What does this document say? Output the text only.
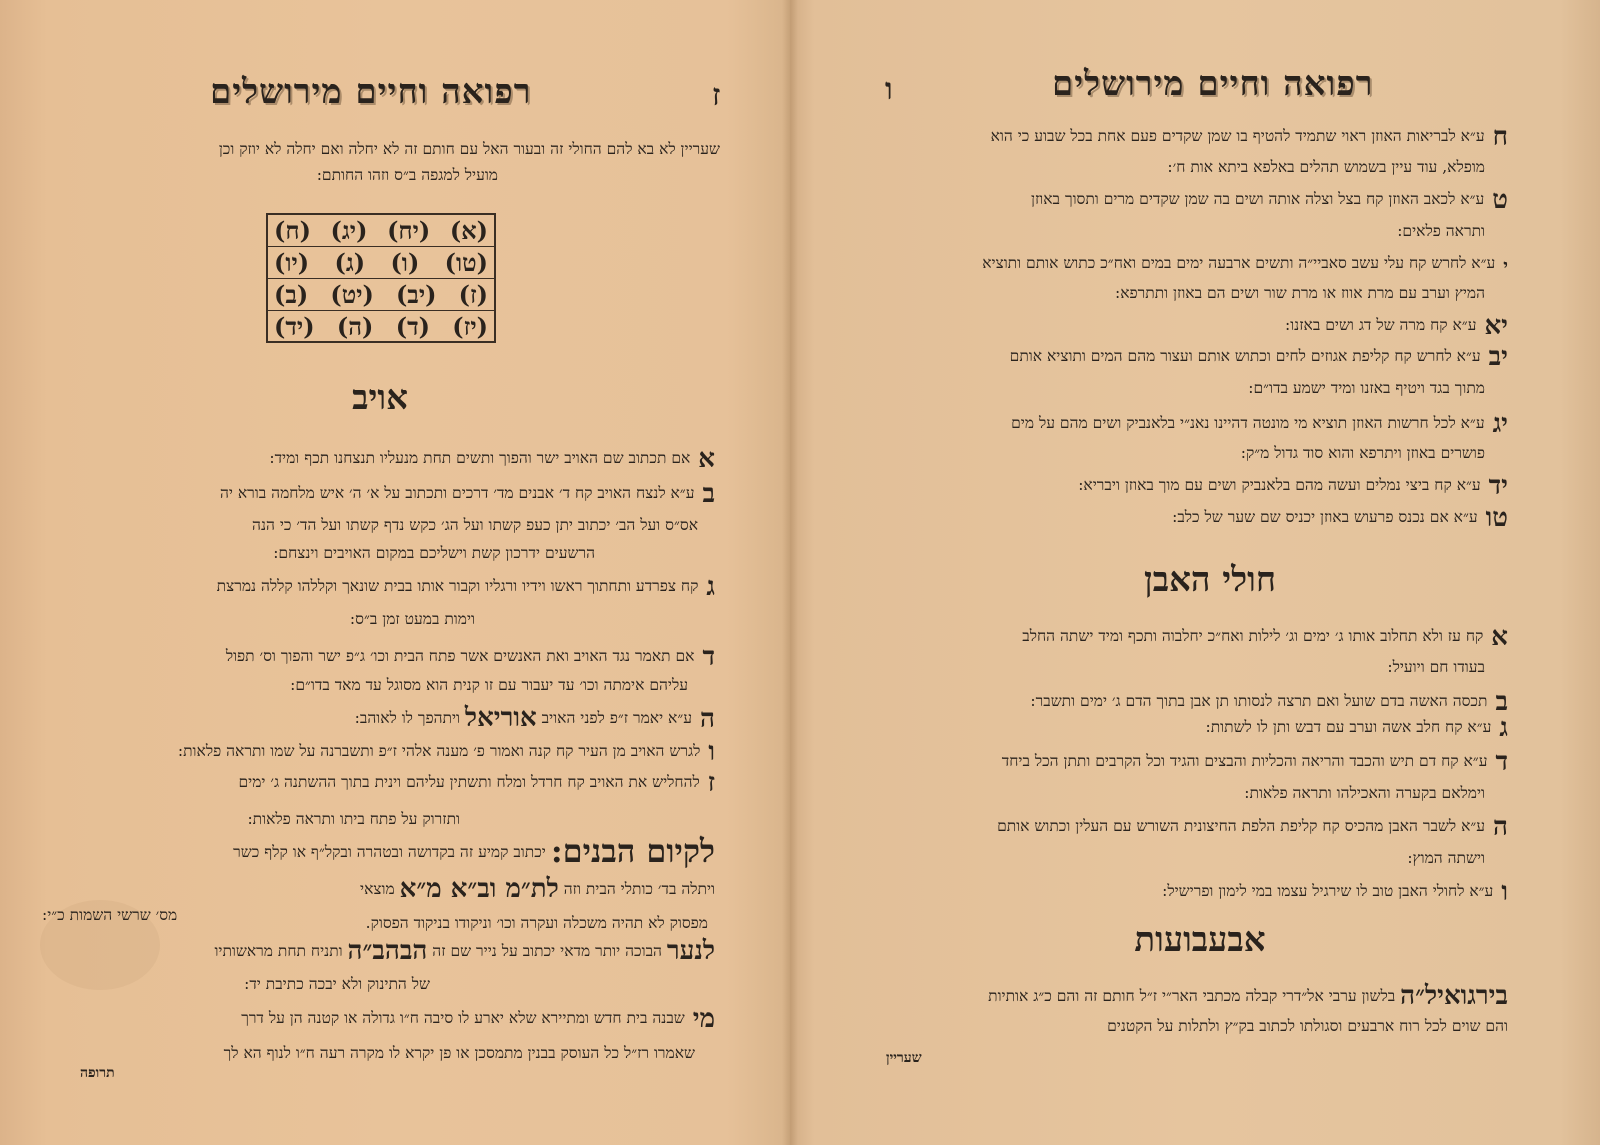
ז
רפואה וחיים מירושלים
שעריין לא בא להם החולי זה ובעור האל עם חותם זה לא יחלה ואם יחלה לא יוזק וכן
מועיל למגפה ב״ס וזהו החותם:
(א)
(יח)
(יג)
(ח)
(טו)
(ו)
(ג)
(יו)
(ז)
(יב)
(יט)
(ב)
(יז)
(ד)
(ה)
(יד)
אויב
אאם תכתוב שם האויב ישר והפוך ותשים תחת מנעליו תנצחנו תכף ומיד:
בע״א לנצח האויב קח ד׳ אבנים מד׳ דרכים ותכתוב על א׳ ה׳ איש מלחמה בורא יה
אס״ס ועל הב׳ יכתוב יתן כעפ קשתו ועל הג׳ כקש נדף קשתו ועל הד׳ כי הנה
הרשעים ידרכון קשת וישליכם במקום האויבים וינצחם:
גקח צפרדע ותחתוך ראשו וידיו ורגליו וקבור אותו בבית שונאך וקללהו קללה נמרצת
וימות במעט זמן ב״ס:
דאם תאמר נגד האויב ואת האנשים אשר פתח הבית וכו׳ ג״פ ישר והפוך וס׳ תפול
עליהם אימתה וכו׳ עד יעבור עם זו קנית הוא מסוגל עד מאד בדו״ם:
הע״א יאמר ז״פ לפני האויב אוריאל ויתהפך לו לאוהב:
ולגרש האויב מן העיר קח קנה ואמור פ׳ מענה אלהי ז״פ ותשברנה על שמו ותראה פלאות:
זלהחליש את האויב קח חרדל ומלח ותשתין עליהם וינית בתוך ההשתנה ג׳ ימים
ותזרוק על פתח ביתו ותראה פלאות:
לקיום הבנים: יכתוב קמיע זה בקדושה ובטהרה ובקל״ף או קלף כשר
ויתלה בד׳ כותלי הבית וזה לת״מ וב״א מ״א מוצאי
מפסוק לא תהיה משכלה ועקרה וכו׳ וניקודו בניקוד הפסוק.
מס׳ שרשי השמות כ״י:
לנער הבוכה יותר מדאי יכתוב על נייר שם זה הבהב״ה ותניח תחת מראשותיו
של התינוק ולא יבכה כתיבת יד:
מישבנה בית חדש ומתיירא שלא יארע לו סיבה ח״ו גדולה או קטנה הן על דרך
שאמרו רז״ל כל העוסק בבנין מתמסכן או פן יקרא לו מקרה רעה ח״ו לנוף הא לך
תרופה
ו	רפואה וחיים מירושלים
חע״א לבריאות האוזן ראוי שתמיד להטיף בו שמן שקדים פעם אחת בכל שבוע כי הוא
מופלא, עוד עיין בשמוש תהלים באלפא ביתא אות ח׳:
טע״א לכאב האוזן קח בצל וצלה אותה ושים בה שמן שקדים מרים ותסוך באוזן
ותראה פלאים:
יע״א לחרש קח עלי עשב סאביי״ה ותשים ארבעה ימים במים ואח״כ כתוש אותם ותוציא
המיץ וערב עם מרת אווז או מרת שור ושים הם באוזן ותתרפא:
יאע״א קח מרה של דג ושים באזנו:
יבע״א לחרש קח קליפת אגוזים לחים וכתוש אותם ועצור מהם המים ותוציא אותם
מתוך בגד ויטיף באזנו ומיד ישמע בדו״ם:
יגע״א לכל חרשות האוזן תוציא מי מונטה דהיינו נאנ״י בלאנביק ושים מהם על מים
פושרים באוזן ויתרפא והוא סוד גדול מ״ק:
ידע״א קח ביצי נמלים ועשה מהם בלאנביק ושים עם מוך באוזן ויבריא:
טוע״א אם נכנס פרעוש באוזן יכניס שם שער של כלב:
חולי האבן
אקח עז ולא תחלוב אותו ג׳ ימים וג׳ לילות ואח״כ יחלבוה ותכף ומיד ישתה החלב
בעודו חם ויועיל:
בתכסה האשה בדם שועל ואם תרצה לנסותו תן אבן בתוך הדם ג׳ ימים ותשבר:
גע״א קח חלב אשה וערב עם דבש ותן לו לשתות:
דע״א קח דם תיש והכבד והריאה והכליות והבצים והגיד וכל הקרבים ותתן הכל ביחד
וימלאם בקערה והאכילהו ותראה פלאות:
הע״א לשבר האבן מהכיס קח קליפת הלפת החיצונית השורש עם העלין וכתוש אותם
וישתה המוץ:
וע״א לחולי האבן טוב לו שירגיל עצמו במי לימון ופרישיל:
אבעבועות
בירגואיל״ה בלשון ערבי אל״דרי קבלה מכתבי האר״י ז״ל חותם זה והם כ״ג אותיות
והם שוים לכל רוח ארבעים וסגולתו לכתוב בק״ץ ולתלות על הקטנים
שעריין
